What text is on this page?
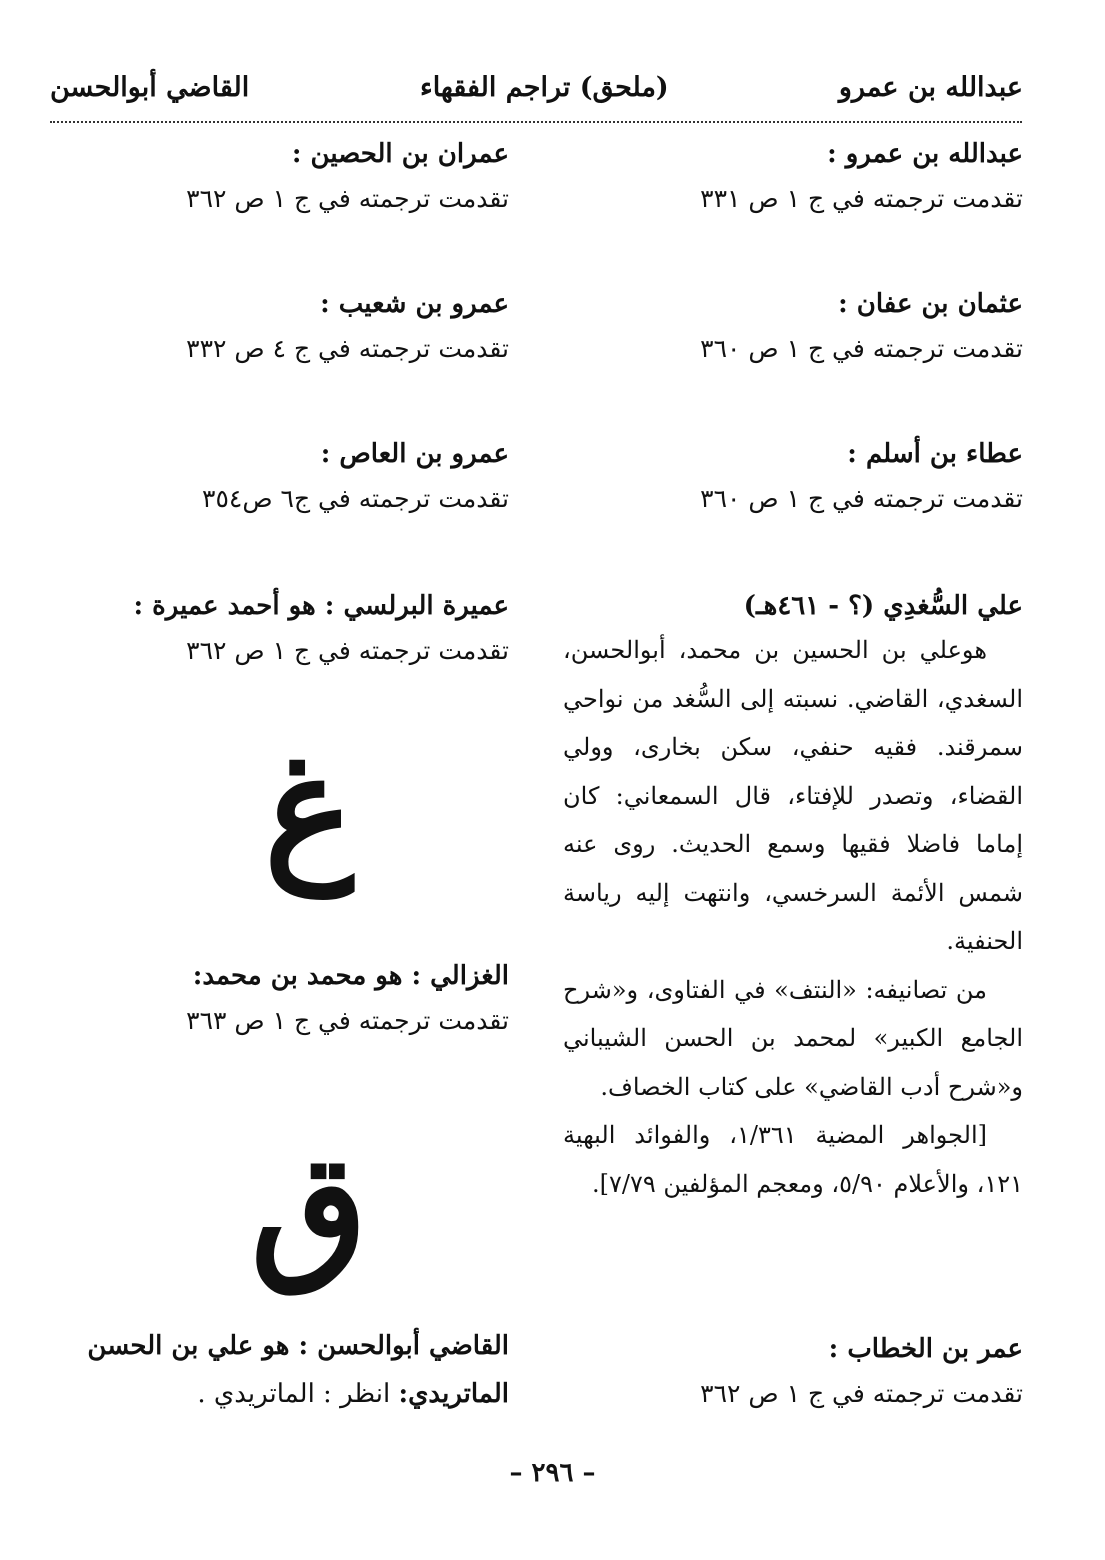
عبدالله بن عمرو
(ملحق) تراجم الفقهاء
القاضي أبوالحسن
عبدالله بن عمرو :
تقدمت ترجمته في ج ١ ص ٣٣١
عثمان بن عفان :
تقدمت ترجمته في ج ١ ص ٣٦٠
عطاء بن أسلم :
تقدمت ترجمته في ج ١ ص ٣٦٠
علي السُّغدِي (؟ - ٤٦١هـ)

هوعلي بن الحسين بن محمد، أبوالحسن، السغدي، القاضي. نسبته إلى السُّغد من نواحي سمرقند. فقيه حنفي، سكن بخارى، وولي القضاء، وتصدر للإفتاء، قال السمعاني: كان إماما فاضلا فقيها وسمع الحديث. روى عنه شمس الأئمة السرخسي، وانتهت إليه رياسة الحنفية.

من تصانيفه: «النتف» في الفتاوى، و«شرح الجامع الكبير» لمحمد بن الحسن الشيباني و«شرح أدب القاضي» على كتاب الخصاف.

[الجواهر المضية ١/٣٦١، والفوائد البهية ١٢١، والأعلام ٥/٩٠، ومعجم المؤلفين ٧/٧٩].

عمر بن الخطاب :
تقدمت ترجمته في ج ١ ص ٣٦٢
عمران بن الحصين :
تقدمت ترجمته في ج ١ ص ٣٦٢
عمرو بن شعيب :
تقدمت ترجمته في ج ٤ ص ٣٣٢
عمرو بن العاص :
تقدمت ترجمته في ج٦ ص٣٥٤
عميرة البرلسي : هو أحمد عميرة :
تقدمت ترجمته في ج ١ ص ٣٦٢
غ
الغزالي : هو محمد بن محمد:
تقدمت ترجمته في ج ١ ص ٣٦٣
ق
القاضي أبوالحسن : هو علي بن الحسن
الماتريدي: انظر : الماتريدي .
– ٢٩٦ –
